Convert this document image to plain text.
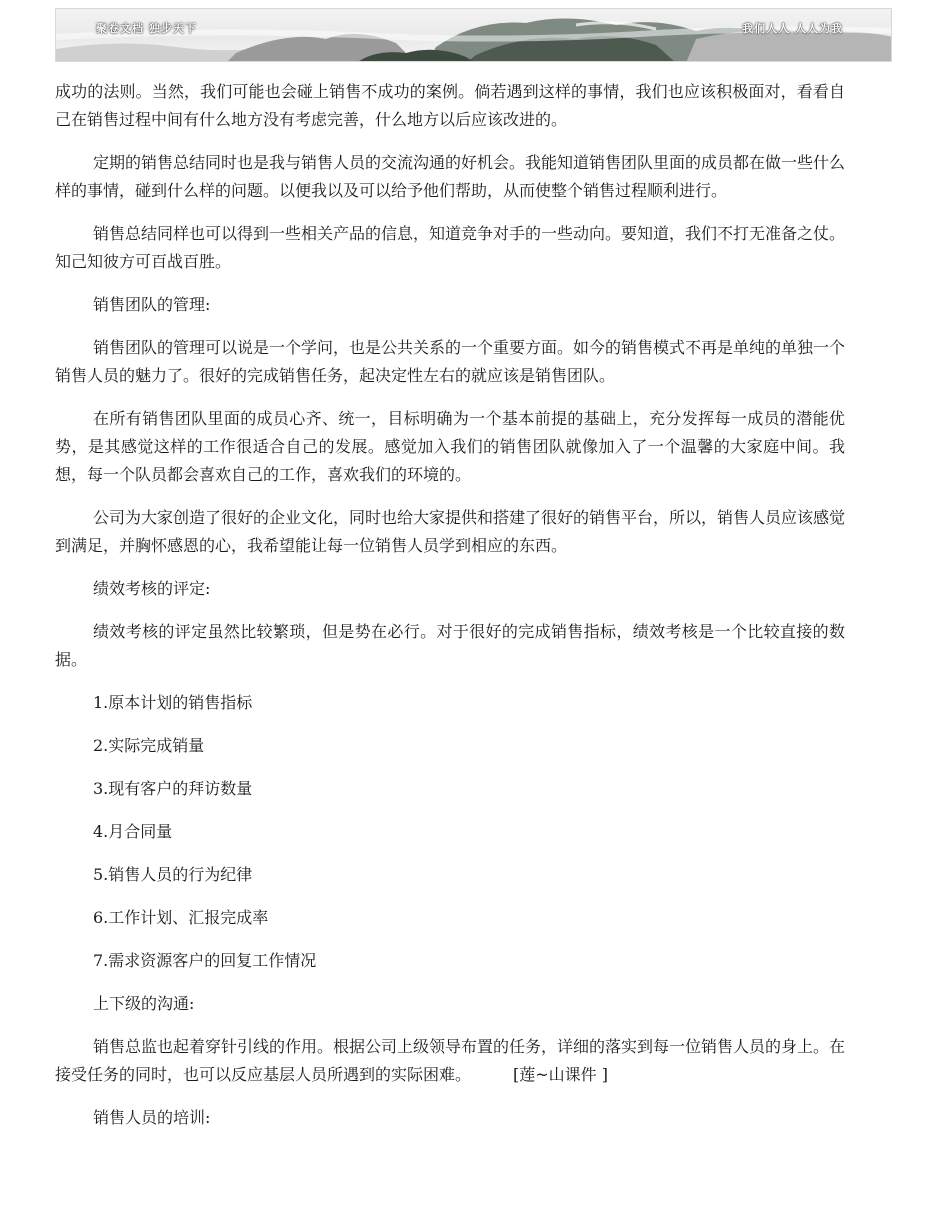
聚卷文档 独步天下	我们人人 人人为我

成功的法则。当然，我们可能也会碰上销售不成功的案例。倘若遇到这样的事情，我们也应该积极面对，看看自己在销售过程中间有什么地方没有考虑完善，什么地方以后应该改进的。

定期的销售总结同时也是我与销售人员的交流沟通的好机会。我能知道销售团队里面的成员都在做一些什么样的事情，碰到什么样的问题。以便我以及可以给予他们帮助，从而使整个销售过程顺利进行。

销售总结同样也可以得到一些相关产品的信息，知道竞争对手的一些动向。要知道，我们不打无准备之仗。知己知彼方可百战百胜。

销售团队的管理:

销售团队的管理可以说是一个学问，也是公共关系的一个重要方面。如今的销售模式不再是单纯的单独一个销售人员的魅力了。很好的完成销售任务，起决定性左右的就应该是销售团队。

在所有销售团队里面的成员心齐、统一，目标明确为一个基本前提的基础上，充分发挥每一成员的潜能优势，是其感觉这样的工作很适合自己的发展。感觉加入我们的销售团队就像加入了一个温馨的大家庭中间。我想，每一个队员都会喜欢自己的工作，喜欢我们的环境的。

公司为大家创造了很好的企业文化，同时也给大家提供和搭建了很好的销售平台，所以，销售人员应该感觉到满足，并胸怀感恩的心，我希望能让每一位销售人员学到相应的东西。

绩效考核的评定:

绩效考核的评定虽然比较繁琐，但是势在必行。对于很好的完成销售指标，绩效考核是一个比较直接的数据。

1.原本计划的销售指标

2.实际完成销量

3.现有客户的拜访数量

4.月合同量

5.销售人员的行为纪律

6.工作计划、汇报完成率

7.需求资源客户的回复工作情况

上下级的沟通:

销售总监也起着穿针引线的作用。根据公司上级领导布置的任务，详细的落实到每一位销售人员的身上。在接受任务的同时，也可以反应基层人员所遇到的实际困难。	[莲~山课件 ]

销售人员的培训:
